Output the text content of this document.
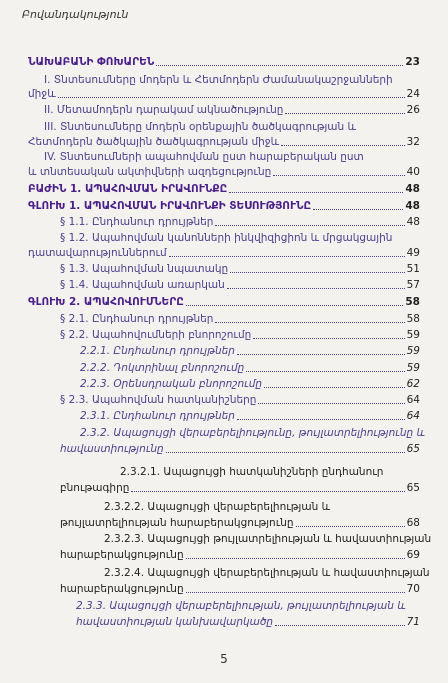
Բովանդակություն
ՆԱԽԱԲԱՆԻ ՓՈԽԱՐԵՆ	23
I. Տնտեսումները մոդերն և Հետմոդերն Ժամանակաշրջանների
միջև	24
II. Մետամոդերն դարակամ ակնածությունը	26
III. Տնտեսումները մոդերն օրենքային ծածկագրության և
Հետմոդերն ծածկային ծածկագրության միջև	32
IV. Տնտեսումների ապահովման ըստ հարաբերական ըստ
և տնտեսական ակտիվների ազդեցությունը	40
ԲԱԺԻՆ 1. ԱՊԱՀՈՎՄԱՆ ԻՐԱՎՈՒՆՔԸ	48
ԳԼՈՒԽ 1. ԱՊԱՀՈՎՄԱՆ ԻՐԱՎՈՒՆՔԻ ՏԵՍՈՒԹՅՈՒՆԸ	48
§ 1.1. Ընդհանուր դրույթներ	48
§ 1.2. Ապահովման կանոնների ինկվիզիցիոն և մրցակցային
դատավարություններում	49
§ 1.3. Ապահովման նպատակը	51
§ 1.4. Ապահովման առարկան	57
ԳԼՈՒԽ 2. ԱՊԱՀՈՎՈՒՄՆԵՐԸ	58
§ 2.1. Ընդհանուր դրույթներ	58
§ 2.2. Ապահովումների բնորոշումը	59
2.2.1. Ընդհանուր դրույթներ	59
2.2.2. Դոկտրինալ բնորոշումը	59
2.2.3. Օրենսդրական բնորոշումը	62
§ 2.3. Ապահովման հատկանիշները	64
2.3.1. Ընդհանուր դրույթներ	64
2.3.2. Ապացույցի վերաբերելիությունը, թույլատրելիությունը և
հավաստիությունը	65
2.3.2.1. Ապացույցի հատկանիշների ընդհանուր
բնութագիրը	65
2.3.2.2. Ապացույցի վերաբերելիության և
թույլատրելիության հարաբերակցությունը	68
2.3.2.3. Ապացույցի թույլատրելիության և հավաստիության
հարաբերակցությունը	69
2.3.2.4. Ապացույցի վերաբերելիության և հավաստիության
հարաբերակցությունը	70
2.3.3. Ապացույցի վերաբերելիության, թույլատրելիության և
հավաստիության կանխավարկածը	71
5
